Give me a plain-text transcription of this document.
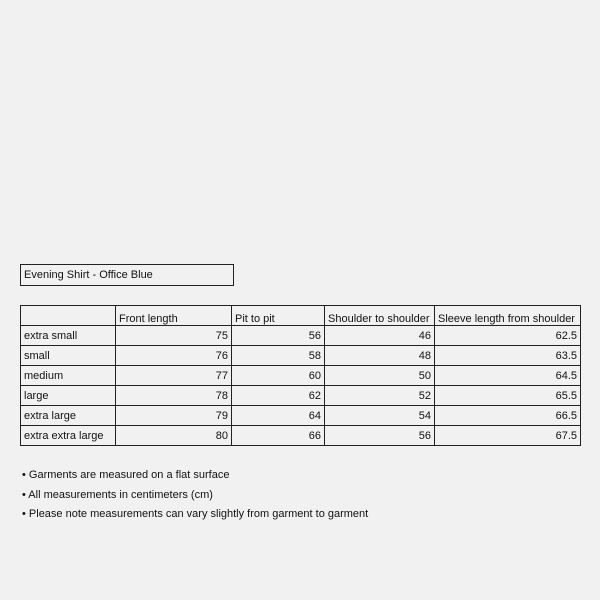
Evening Shirt - Office Blue
	Front length	Pit to pit	Shoulder to shoulder	Sleeve length from shoulder
extra small	75	56	46	62.5
small	76	58	48	63.5
medium	77	60	50	64.5
large	78	62	52	65.5
extra large	79	64	54	66.5
extra extra large	80	66	56	67.5
• Garments are measured on a flat surface
• All measurements in centimeters (cm)
• Please note measurements can vary slightly from garment to garment
